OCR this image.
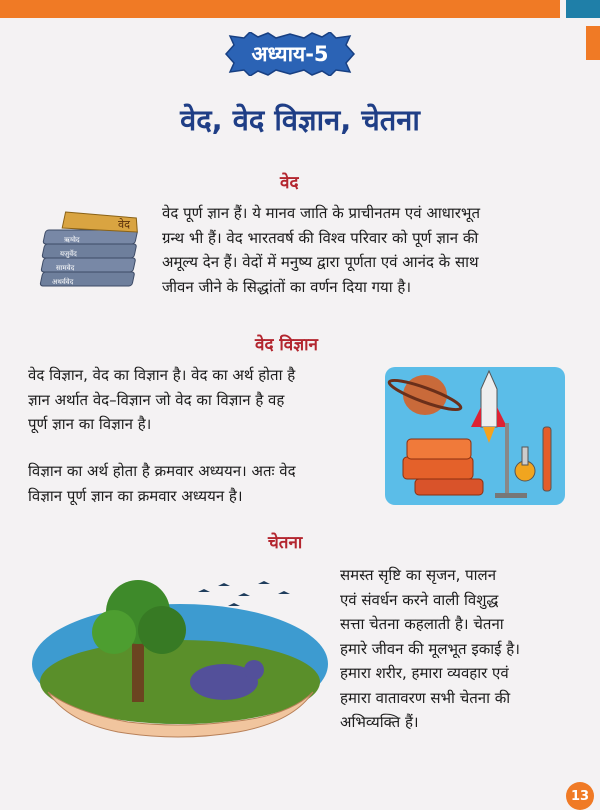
अध्याय-5
वेद, वेद विज्ञान, चेतना
वेद
ऋग्वेद
यजुर्वेद
सामवेद
अथर्ववेद
वेद

वेद पूर्ण ज्ञान हैं। ये मानव जाति के प्राचीनतम एवं आधारभूत

ग्रन्थ भी हैं। वेद भारतवर्ष की विश्व परिवार को पूर्ण ज्ञान की

अमूल्य देन हैं। वेदों में मनुष्य द्वारा पूर्णता एवं आनंद के साथ

जीवन जीने के सिद्धांतों का वर्णन दिया गया है।

वेद विज्ञान

वेद विज्ञान, वेद का विज्ञान है। वेद का अर्थ होता है

ज्ञान अर्थात वेद–विज्ञान जो वेद का विज्ञान है वह

पूर्ण ज्ञान का विज्ञान है।

विज्ञान का अर्थ होता है क्रमवार अध्ययन। अतः वेद

विज्ञान पूर्ण ज्ञान का क्रमवार अध्ययन है।

चेतना

समस्त सृष्टि का सृजन, पालन

एवं संवर्धन करने वाली विशुद्ध

सत्ता चेतना कहलाती है। चेतना

हमारे जीवन की मूलभूत इकाई है।

हमारा शरीर, हमारा व्यवहार एवं

हमारा वातावरण सभी चेतना की

अभिव्यक्ति हैं।

13
